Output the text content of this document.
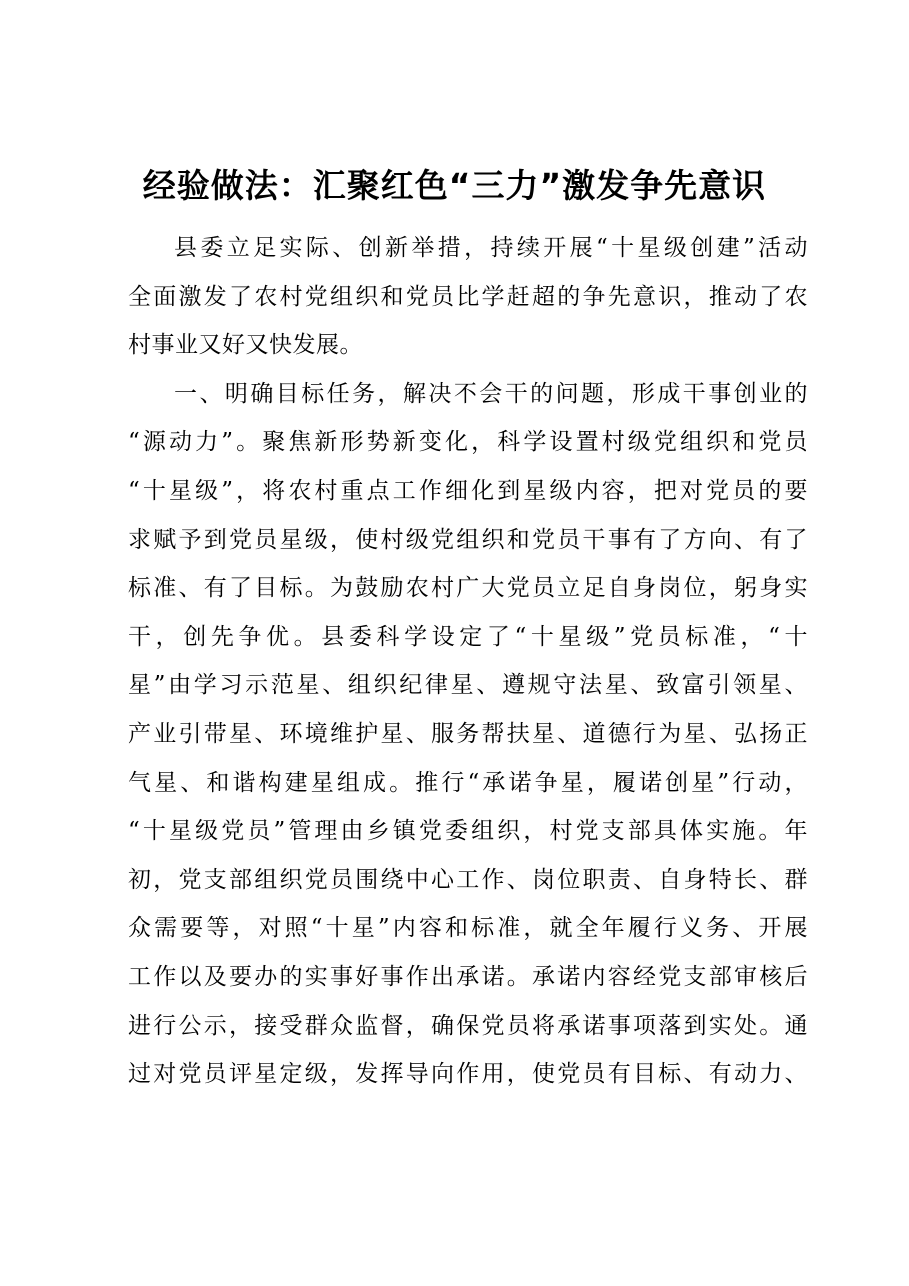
经验做法：汇聚红色“三力”激发争先意识
县委立足实际、创新举措，持续开展“十星级创建”活动
全面激发了农村党组织和党员比学赶超的争先意识，推动了农
村事业又好又快发展。
一、明确目标任务，解决不会干的问题，形成干事创业的
“源动力”。聚焦新形势新变化，科学设置村级党组织和党员
“十星级”，将农村重点工作细化到星级内容，把对党员的要
求赋予到党员星级，使村级党组织和党员干事有了方向、有了
标准、有了目标。为鼓励农村广大党员立足自身岗位，躬身实
干，创先争优。县委科学设定了“十星级”党员标准，“十
星”由学习示范星、组织纪律星、遵规守法星、致富引领星、
产业引带星、环境维护星、服务帮扶星、道德行为星、弘扬正
气星、和谐构建星组成。推行“承诺争星，履诺创星”行动，
“十星级党员”管理由乡镇党委组织，村党支部具体实施。年
初，党支部组织党员围绕中心工作、岗位职责、自身特长、群
众需要等，对照“十星”内容和标准，就全年履行义务、开展
工作以及要办的实事好事作出承诺。承诺内容经党支部审核后
进行公示，接受群众监督，确保党员将承诺事项落到实处。通
过对党员评星定级，发挥导向作用，使党员有目标、有动力、
